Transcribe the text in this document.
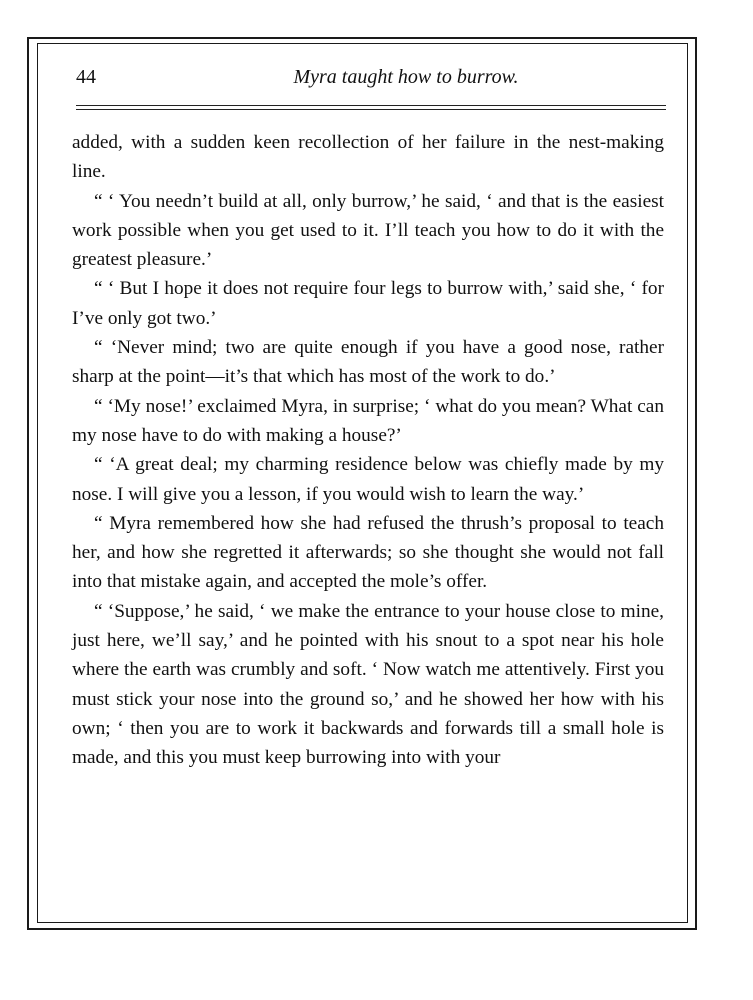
44	Myra taught how to burrow.

added, with a sudden keen recollection of her failure in the nest-making line.

“ ‘ You needn’t build at all, only burrow,’ he said, ‘ and that is the easiest work possible when you get used to it. I’ll teach you how to do it with the greatest pleasure.’

“ ‘ But I hope it does not require four legs to burrow with,’ said she, ‘ for I’ve only got two.’

“ ‘Never mind; two are quite enough if you have a good nose, rather sharp at the point—it’s that which has most of the work to do.’

“ ‘My nose!’ exclaimed Myra, in surprise; ‘ what do you mean? What can my nose have to do with making a house?’

“ ‘A great deal; my charming residence below was chiefly made by my nose. I will give you a lesson, if you would wish to learn the way.’

“ Myra remembered how she had refused the thrush’s proposal to teach her, and how she regretted it afterwards; so she thought she would not fall into that mistake again, and accepted the mole’s offer.

“ ‘Suppose,’ he said, ‘ we make the entrance to your house close to mine, just here, we’ll say,’ and he pointed with his snout to a spot near his hole where the earth was crumbly and soft. ‘ Now watch me attentively. First you must stick your nose into the ground so,’ and he showed her how with his own; ‘ then you are to work it backwards and forwards till a small hole is made, and this you must keep burrowing into with your
